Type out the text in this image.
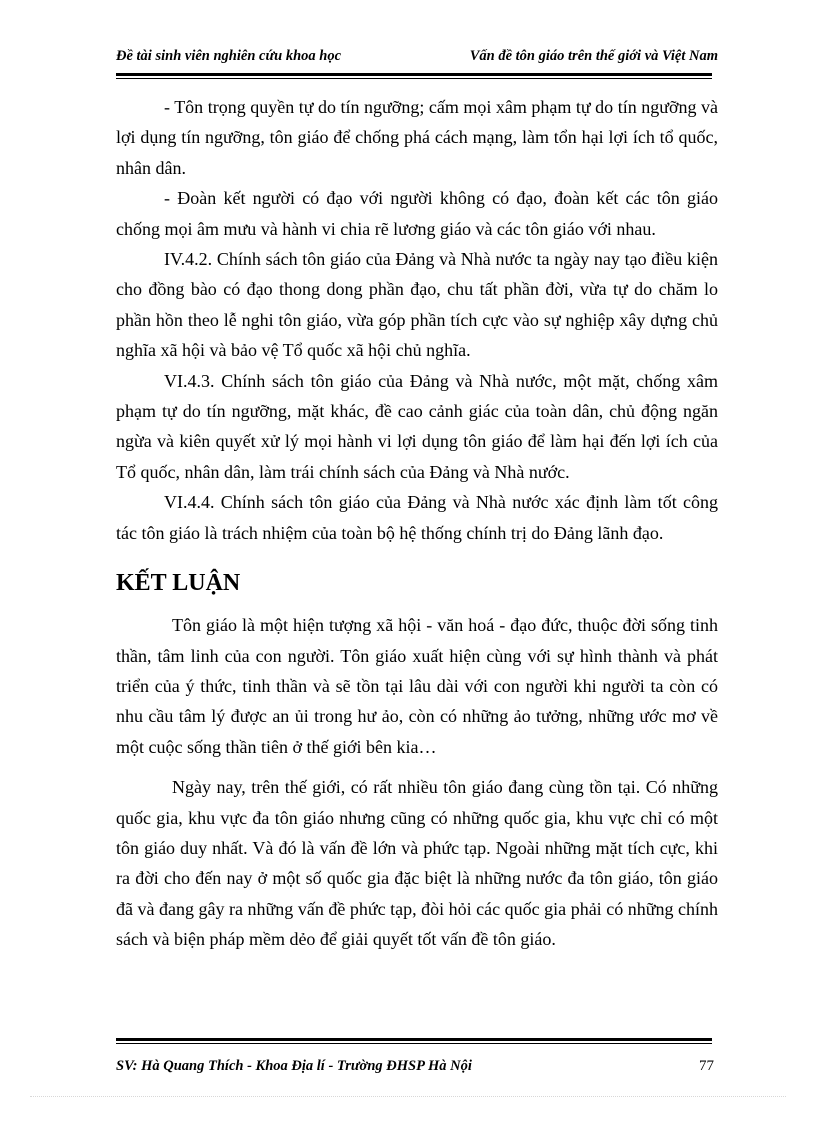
Đề tài sinh viên nghiên cứu khoa học	Vấn đề tôn giáo trên thế giới và Việt Nam

- Tôn trọng quyền tự do tín ngưỡng; cấm mọi xâm phạm tự do tín ngưỡng và lợi dụng tín ngưỡng, tôn giáo để chống phá cách mạng, làm tổn hại lợi ích tổ quốc, nhân dân.

- Đoàn kết người có đạo với người không có đạo, đoàn kết các tôn giáo chống mọi âm mưu và hành vi chia rẽ lương giáo và các tôn giáo với nhau.

IV.4.2. Chính sách tôn giáo của Đảng và Nhà nước ta ngày nay tạo điều kiện cho đồng bào có đạo thong dong phần đạo, chu tất phần đời, vừa tự do chăm lo phần hồn theo lễ nghi tôn giáo, vừa góp phần tích cực vào sự nghiệp xây dựng chủ nghĩa xã hội và bảo vệ Tổ quốc xã hội chủ nghĩa.

VI.4.3. Chính sách tôn giáo của Đảng và Nhà nước, một mặt, chống xâm phạm tự do tín ngưỡng, mặt khác, đề cao cảnh giác của toàn dân, chủ động ngăn ngừa và kiên quyết xử lý mọi hành vi lợi dụng tôn giáo để làm hại đến lợi ích của Tổ quốc, nhân dân, làm trái chính sách của Đảng và Nhà nước.

VI.4.4. Chính sách tôn giáo của Đảng và Nhà nước xác định làm tốt công tác tôn giáo là trách nhiệm của toàn bộ hệ thống chính trị do Đảng lãnh đạo.

KẾT LUẬN

Tôn giáo là một hiện tượng xã hội - văn hoá - đạo đức, thuộc đời sống tinh thần, tâm linh của con người. Tôn giáo xuất hiện cùng với sự hình thành và phát triển của ý thức, tinh thần và sẽ tồn tại lâu dài với con người khi người ta còn có nhu cầu tâm lý được an ủi trong hư ảo, còn có những ảo tưởng, những ước mơ về một cuộc sống thần tiên ở thế giới bên kia…

Ngày nay, trên thế giới, có rất nhiều tôn giáo đang cùng tồn tại. Có những quốc gia, khu vực đa tôn giáo nhưng cũng có những quốc gia, khu vực chỉ có một tôn giáo duy nhất. Và đó là vấn đề lớn và phức tạp. Ngoài những mặt tích cực, khi ra đời cho đến nay ở một số quốc gia đặc biệt là những nước đa tôn giáo, tôn giáo đã và đang gây ra những vấn đề phức tạp, đòi hỏi các quốc gia phải có những chính sách và biện pháp mềm dẻo để giải quyết tốt vấn đề tôn giáo.

SV: Hà Quang Thích - Khoa Địa lí - Trường ĐHSP Hà Nội	77
